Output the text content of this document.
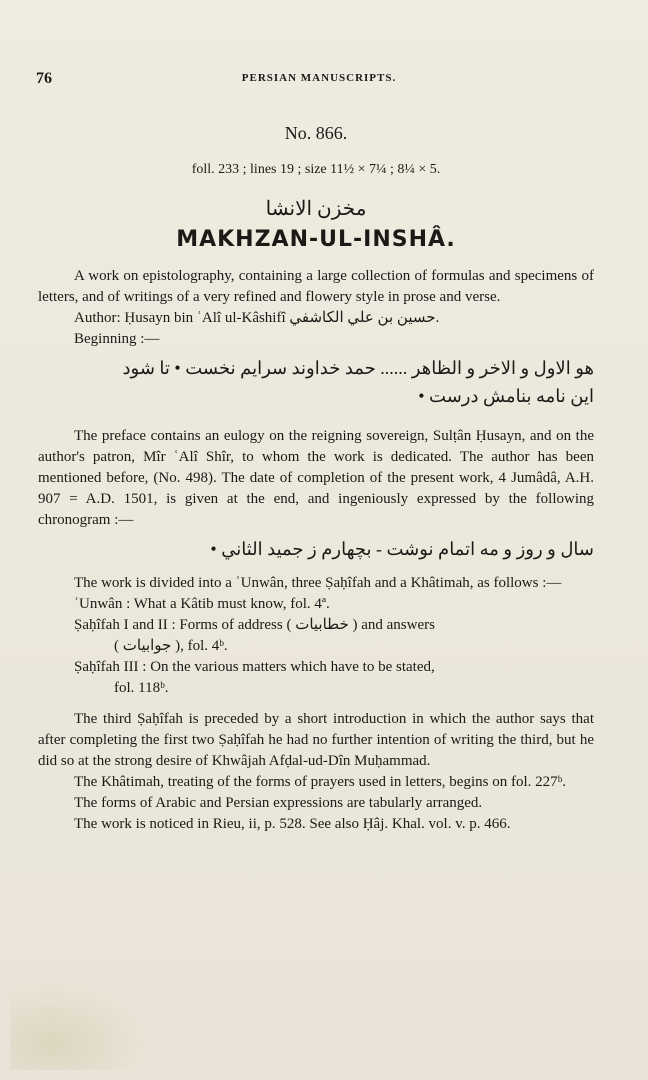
76	PERSIAN MANUSCRIPTS.
No. 866.
foll. 233 ; lines 19 ; size 11½ × 7¼ ; 8¼ × 5.
مخزن الانشا
MAKHZAN-UL-INSHÂ.

A work on epistolography, containing a large collection of formulas and specimens of letters, and of writings of a very refined and flowery style in prose and verse.

Author: Ḥusayn bin ʿAlî ul-Kâshifî حسين بن علي الكاشفي.

Beginning :—

هو الاول و الاخر و الظاهر ...... حمد خداوند سرايم نخست • تا شود
اين نامه بنامش درست •

The preface contains an eulogy on the reigning sovereign, Sulṭân Ḥusayn, and on the author's patron, Mîr ʿAlî Shîr, to whom the work is dedicated. The author has been mentioned before, (No. 498). The date of completion of the present work, 4 Jumâdâ, A.H. 907 = A.D. 1501, is given at the end, and ingeniously expressed by the following chronogram :—

سال و روز و مه اتمام نوشت - بچهارم ز جميد الثاني •

The work is divided into a ʿUnwân, three Ṣaḥîfah and a Khâtimah, as follows :—

ʿUnwân : What a Kâtib must know, fol. 4ª.
Ṣaḥîfah I and II : Forms of address ( خطابيات ) and answers
( جوابيات ), fol. 4ᵇ.
Ṣaḥîfah III : On the various matters which have to be stated,
fol. 118ᵇ.

The third Ṣaḥîfah is preceded by a short introduction in which the author says that after completing the first two Ṣaḥîfah he had no further intention of writing the third, but he did so at the strong desire of Khwâjah Afḍal-ud-Dîn Muḥammad.

The Khâtimah, treating of the forms of prayers used in letters, begins on fol. 227ᵇ.

The forms of Arabic and Persian expressions are tabularly arranged.

The work is noticed in Rieu, ii, p. 528. See also Ḥâj. Khal. vol. v. p. 466.
